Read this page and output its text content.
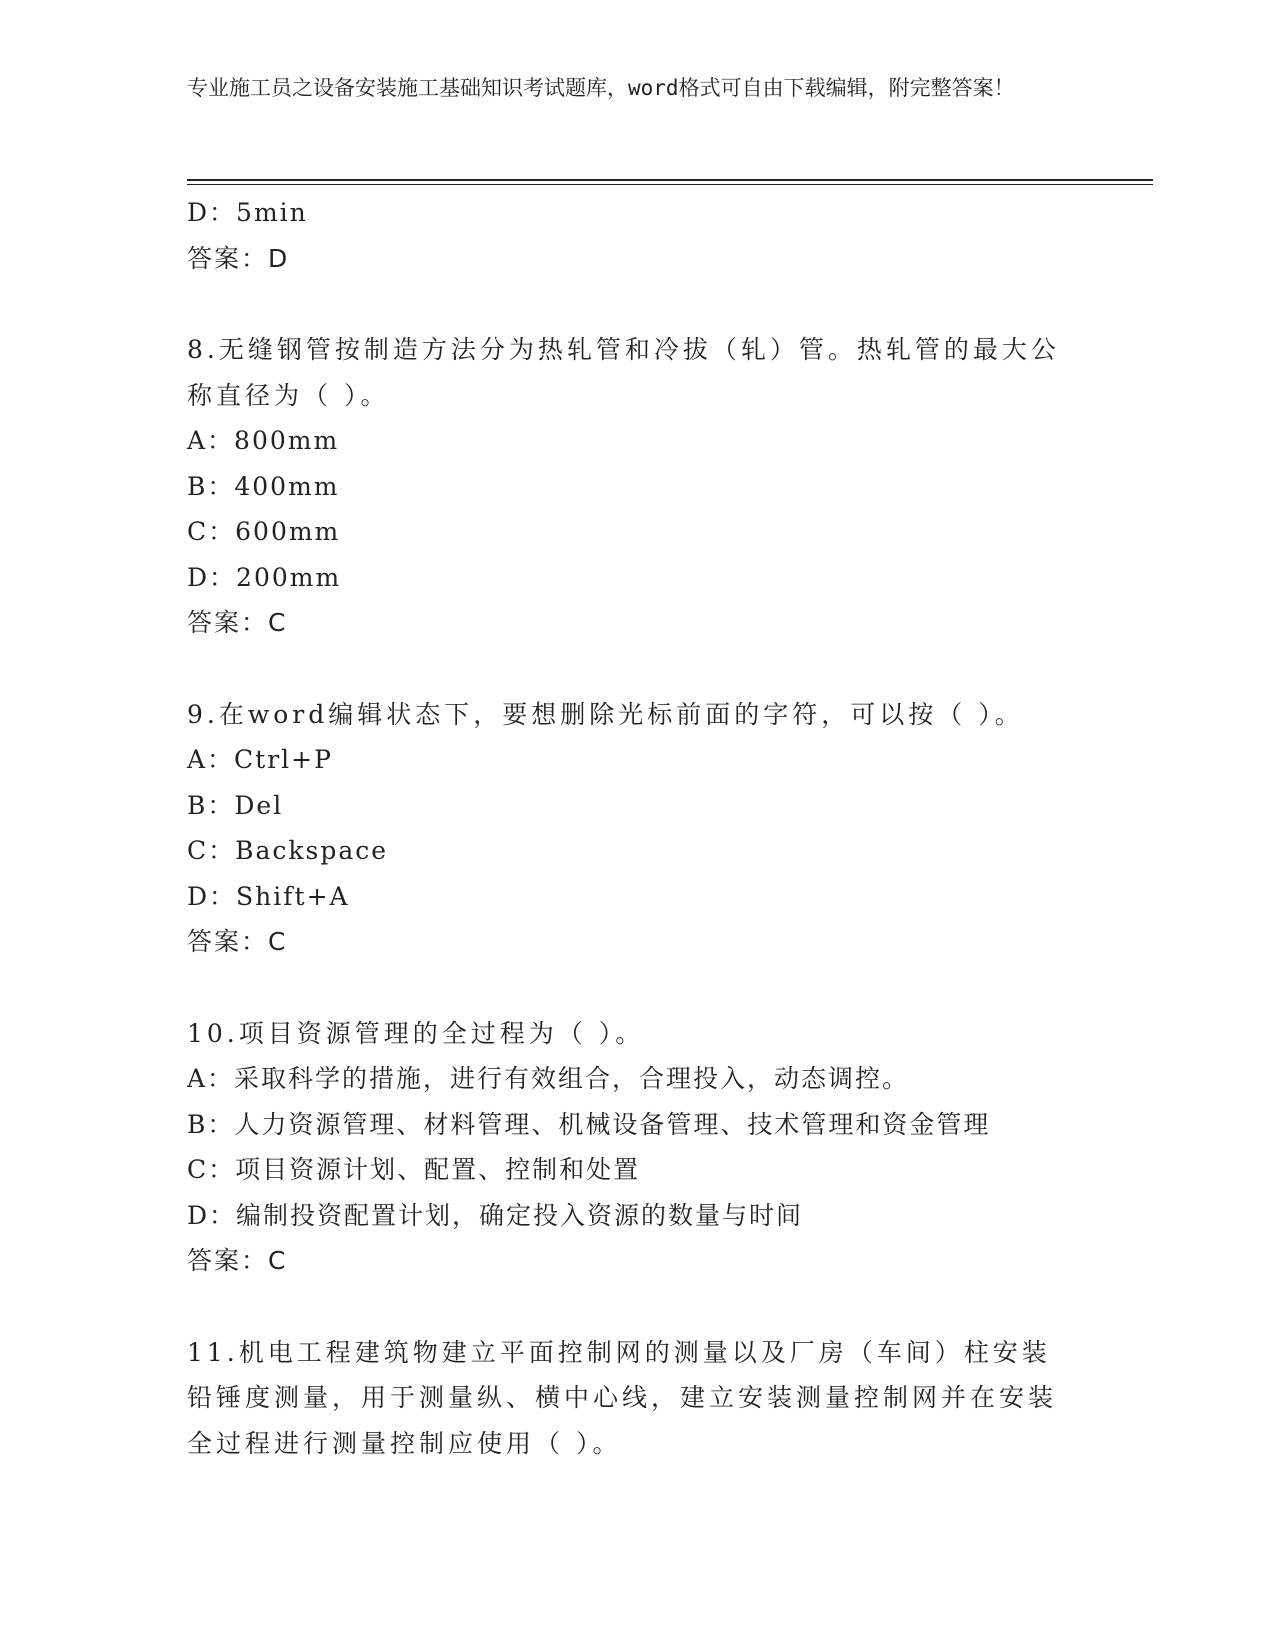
专业施工员之设备安装施工基础知识考试题库，word格式可自由下载编辑，附完整答案！
D：5min
答案：D
8.无缝钢管按制造方法分为热轧管和冷拔（轧）管。热轧管的最大公称直径为（ ）。
A：800mm
B：400mm
C：600mm
D：200mm
答案：C
9.在word编辑状态下，要想删除光标前面的字符，可以按（ ）。
A：Ctrl+P
B：Del
C：Backspace
D：Shift+A
答案：C
10.项目资源管理的全过程为（ ）。
A：采取科学的措施，进行有效组合，合理投入，动态调控。
B：人力资源管理、材料管理、机械设备管理、技术管理和资金管理
C：项目资源计划、配置、控制和处置
D：编制投资配置计划，确定投入资源的数量与时间
答案：C
11.机电工程建筑物建立平面控制网的测量以及厂房（车间）柱安装铅锤度测量，用于测量纵、横中心线，建立安装测量控制网并在安装全过程进行测量控制应使用（ ）。
